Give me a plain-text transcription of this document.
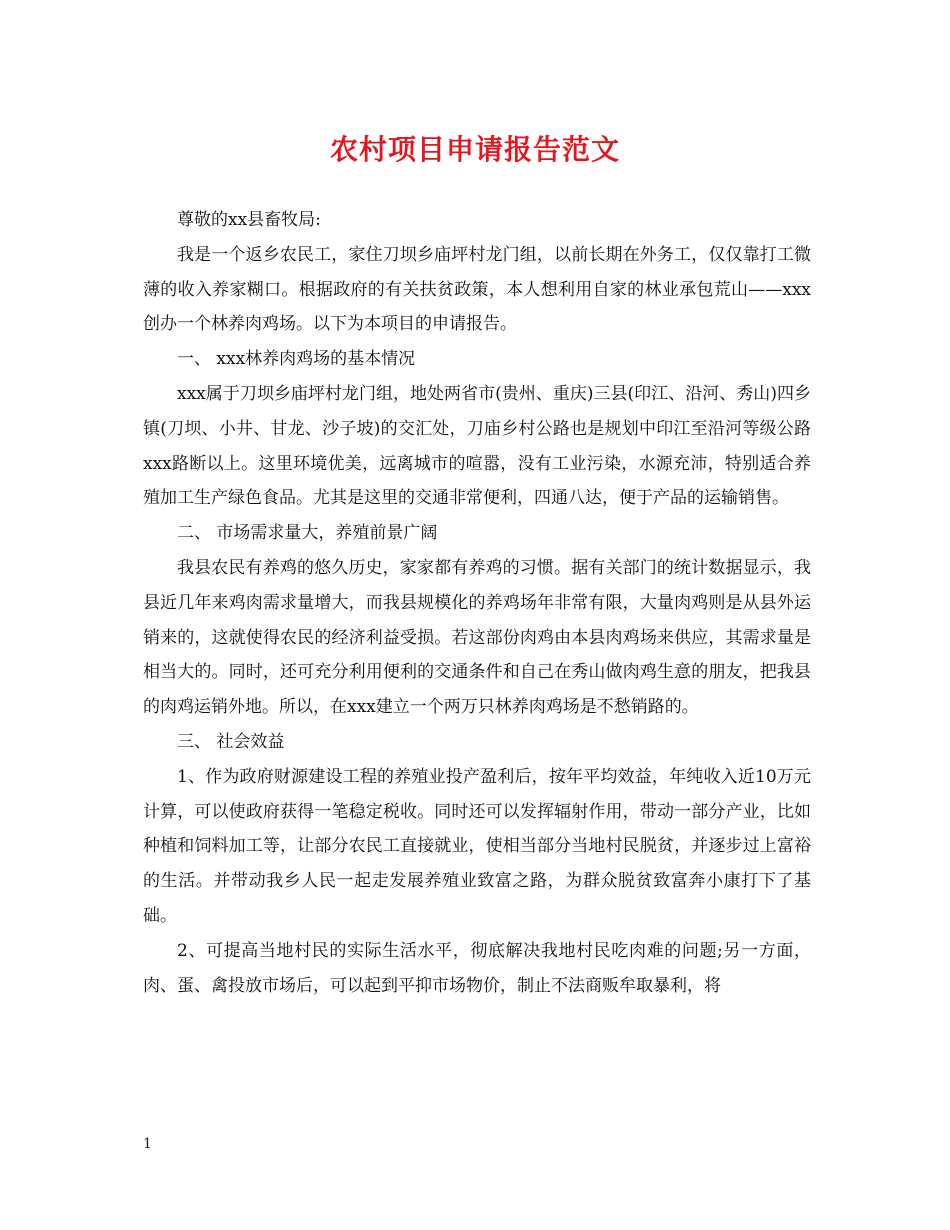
农村项目申请报告范文

尊敬的xx县畜牧局:

我是一个返乡农民工，家住刀坝乡庙坪村龙门组，以前长期在外务工，仅仅靠打工微薄的收入养家糊口。根据政府的有关扶贫政策，本人想利用自家的林业承包荒山——xxx创办一个林养肉鸡场。以下为本项目的申请报告。

一、 xxx林养肉鸡场的基本情况

xxx属于刀坝乡庙坪村龙门组，地处两省市(贵州、重庆)三县(印江、沿河、秀山)四乡镇(刀坝、小井、甘龙、沙子坡)的交汇处，刀庙乡村公路也是规划中印江至沿河等级公路xxx路断以上。这里环境优美，远离城市的喧嚣，没有工业污染，水源充沛，特别适合养殖加工生产绿色食品。尤其是这里的交通非常便利，四通八达，便于产品的运输销售。

二、 市场需求量大，养殖前景广阔

我县农民有养鸡的悠久历史，家家都有养鸡的习惯。据有关部门的统计数据显示，我县近几年来鸡肉需求量增大，而我县规模化的养鸡场年非常有限，大量肉鸡则是从县外运销来的，这就使得农民的经济利益受损。若这部份肉鸡由本县肉鸡场来供应，其需求量是相当大的。同时，还可充分利用便利的交通条件和自己在秀山做肉鸡生意的朋友，把我县的肉鸡运销外地。所以，在xxx建立一个两万只林养肉鸡场是不愁销路的。

三、 社会效益

1、作为政府财源建设工程的养殖业投产盈利后，按年平均效益，年纯收入近10万元计算，可以使政府获得一笔稳定税收。同时还可以发挥辐射作用，带动一部分产业，比如种植和饲料加工等，让部分农民工直接就业，使相当部分当地村民脱贫，并逐步过上富裕的生活。并带动我乡人民一起走发展养殖业致富之路，为群众脱贫致富奔小康打下了基础。

2、可提高当地村民的实际生活水平，彻底解决我地村民吃肉难的问题;另一方面，肉、蛋、禽投放市场后，可以起到平抑市场物价，制止不法商贩牟取暴利，将

1
